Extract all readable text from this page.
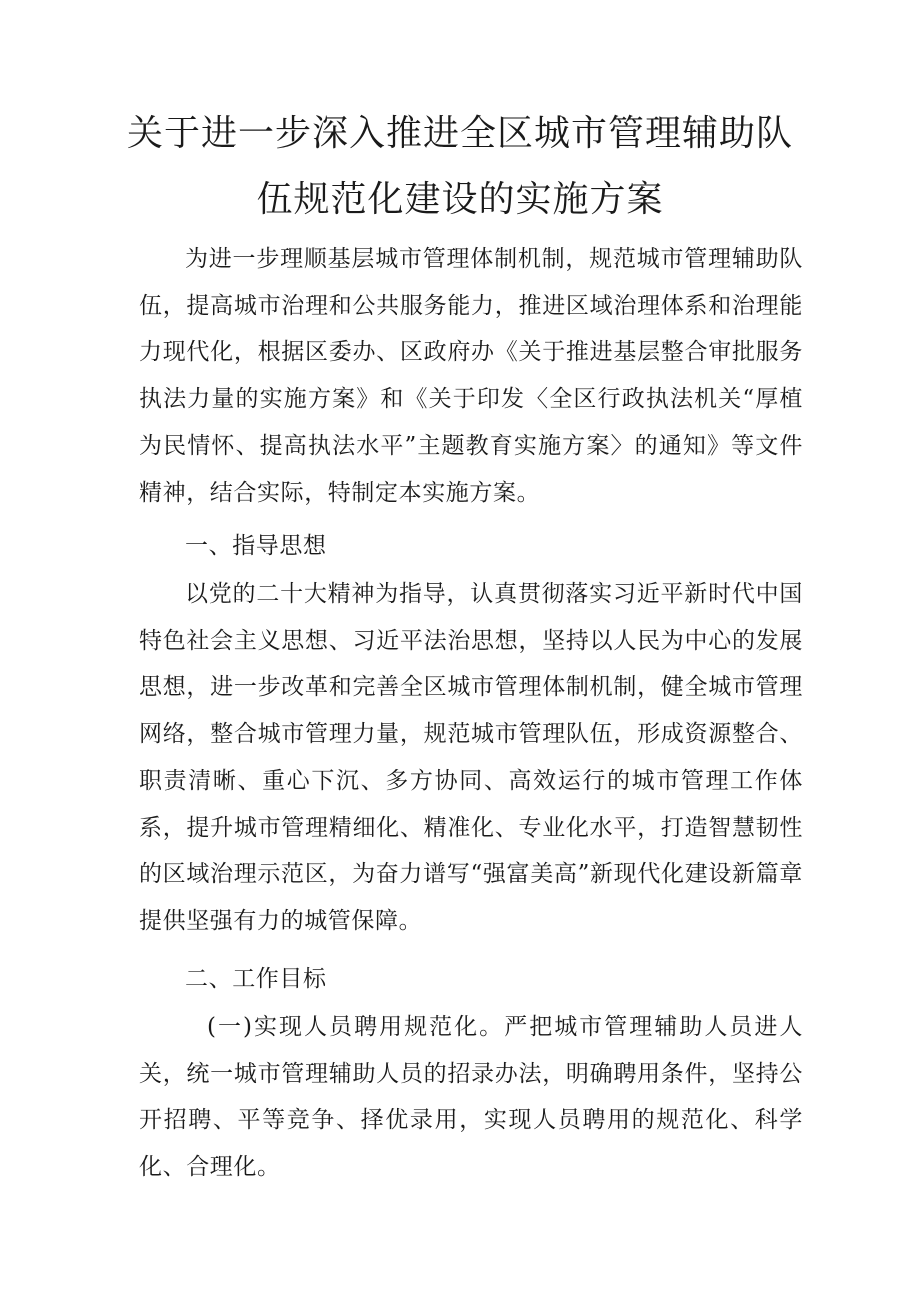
关于进一步深入推进全区城市管理辅助队
伍规范化建设的实施方案

为进一步理顺基层城市管理体制机制，规范城市管理辅助队伍，提高城市治理和公共服务能力，推进区域治理体系和治理能力现代化，根据区委办、区政府办《关于推进基层整合审批服务执法力量的实施方案》和《关于印发〈全区行政执法机关“厚植为民情怀、提高执法水平”主题教育实施方案〉的通知》等文件精神，结合实际，特制定本实施方案。

一、指导思想

以党的二十大精神为指导，认真贯彻落实习近平新时代中国特色社会主义思想、习近平法治思想，坚持以人民为中心的发展思想，进一步改革和完善全区城市管理体制机制，健全城市管理网络，整合城市管理力量，规范城市管理队伍，形成资源整合、职责清晰、重心下沉、多方协同、高效运行的城市管理工作体系，提升城市管理精细化、精准化、专业化水平，打造智慧韧性的区域治理示范区，为奋力谱写“强富美高”新现代化建设新篇章提供坚强有力的城管保障。

二、工作目标

(一)实现人员聘用规范化。严把城市管理辅助人员进人关，统一城市管理辅助人员的招录办法，明确聘用条件，坚持公开招聘、平等竞争、择优录用，实现人员聘用的规范化、科学化、合理化。
